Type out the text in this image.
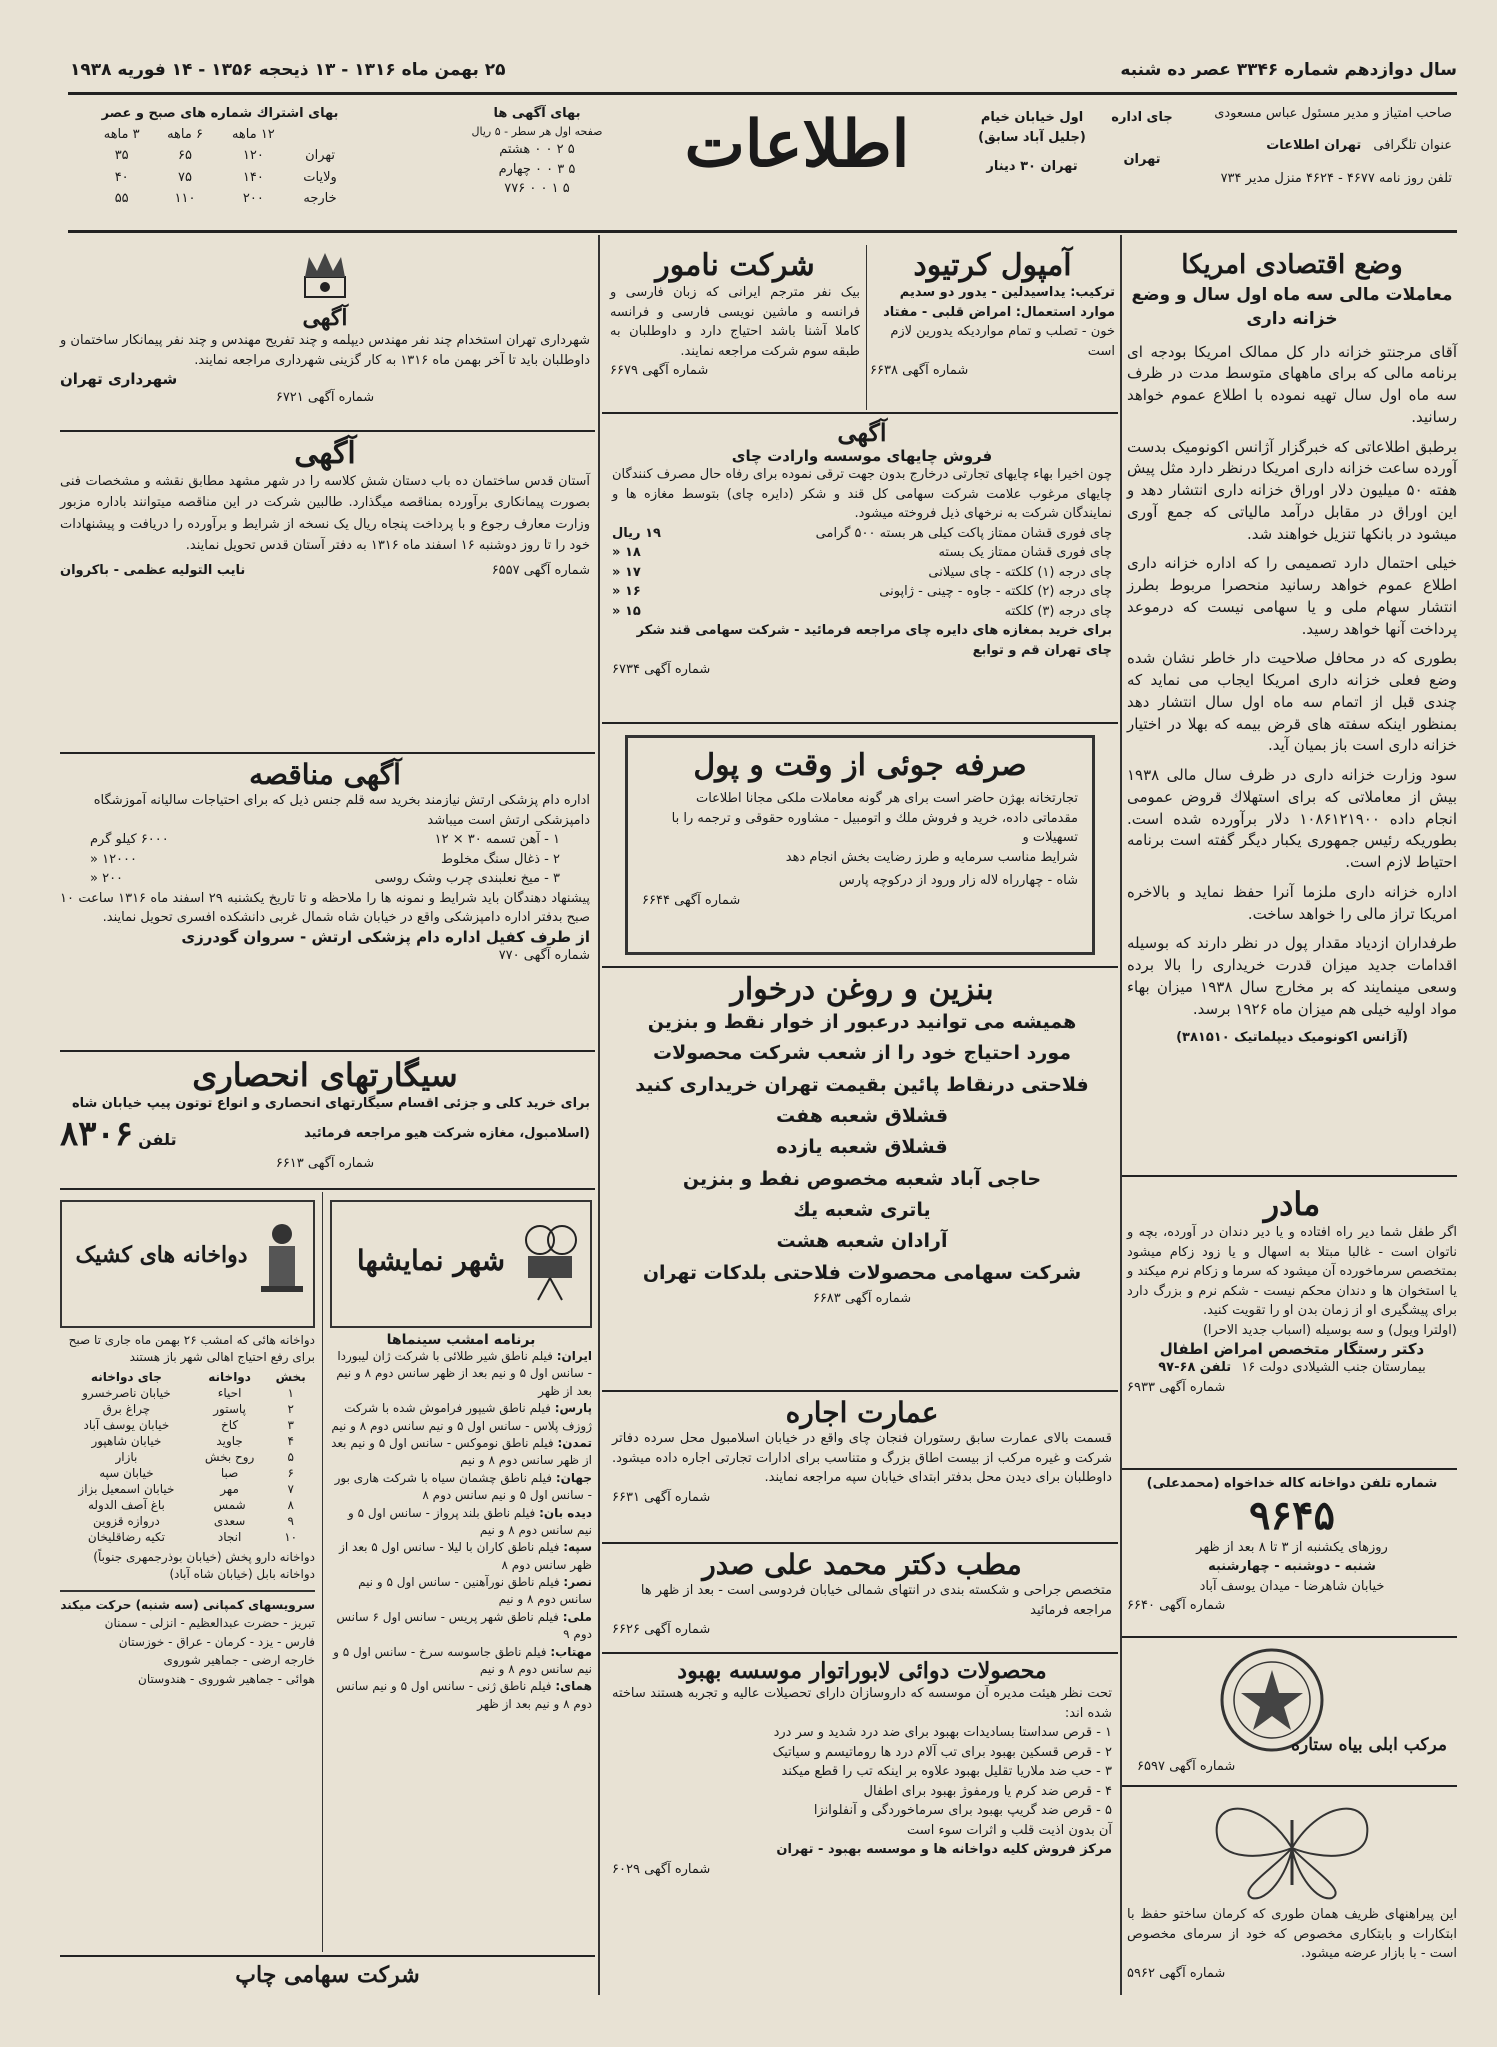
سال دوازدهم شماره ۳۳۴۶ عصر ده شنبه
۲۵ بهمن ماه ۱۳۱۶ - ۱۳ ذیحجه ۱۳۵۶ - ۱۴ فوریه ۱۹۳۸
صاحب امتیاز و مدیر مسئول عباس مسعودی
عنوان تلگرافی تهران اطلاعات
تلفن روز نامه ۴۶۷۷ - ۴۶۲۴ منزل مدیر ۷۳۴
جای اداره
تهران
اول خیابان خیام
(جلیل آباد سابق)
تهران ۳۰ دینار
اطلاعات
بهای آگهی ها
صفحه اول هر سطر - ۵ ریال
۵ ۲ ۰ ۰ هشتم
۵ ۳ ۰ ۰ چهارم
۵ ۱ ۰ ۰ ۷۷۶
بهای اشتراك شماره های صبح و عصر
	۱۲ ماهه	۶ ماهه	۳ ماهه
تهران	۱۲۰	۶۵	۳۵
ولایات	۱۴۰	۷۵	۴۰
خارجه	۲۰۰	۱۱۰	۵۵
وضع اقتصادی امریکا
معاملات مالی سه ماه اول سال و وضع خزانه داری

آقای مرجنتو خزانه دار کل ممالک امریکا بودجه ای برنامه مالی که برای ماههای متوسط مدت در ظرف سه ماه اول سال تهیه نموده با اطلاع عموم خواهد رسانید.

برطبق اطلاعاتی که خبرگزار آژانس اکونومیک بدست آورده ساعت خزانه داری امریکا درنظر دارد مثل پیش هفته ۵۰ میلیون دلار اوراق خزانه داری انتشار دهد و این اوراق در مقابل درآمد مالیاتی که جمع آوری میشود در بانکها تنزیل خواهند شد.

خیلی احتمال دارد تصمیمی را که اداره خزانه داری اطلاع عموم خواهد رسانید منحصرا مربوط بطرز انتشار سهام ملی و یا سهامی نیست که درموعد پرداخت آنها خواهد رسید.

بطوری که در محافل صلاحیت دار خاطر نشان شده وضع فعلی خزانه داری امریکا ایجاب می نماید که چندی قبل از اتمام سه ماه اول سال انتشار دهد بمنظور اینکه سفته های قرض بیمه که بهلا در اختیار خزانه داری است باز بمیان آید.

سود وزارت خزانه داری در ظرف سال مالی ۱۹۳۸ بیش از معاملاتی که برای استهلاك قروض عمومی انجام داده ۱۰۸۶۱۲۱۹۰۰ دلار برآورده شده است. بطوریکه رئیس جمهوری یکبار دیگر گفته است برنامه احتیاط لازم است.

اداره خزانه داری ملزما آنرا حفظ نماید و بالاخره امریکا تراز مالی را خواهد ساخت.

طرفداران ازدیاد مقدار پول در نظر دارند که بوسیله اقدامات جدید میزان قدرت خریداری را بالا برده وسعی مینمایند که بر مخارج سال ۱۹۳۸ میزان بهاء مواد اولیه خیلی هم میزان ماه ۱۹۲۶ برسد.

(آژانس اکونومیک دیپلماتیک ۳۸۱۵۱۰)
مادر

اگر طفل شما دیر راه افتاده و یا دیر دندان در آورده، بچه و ناتوان است - غالبا مبتلا به اسهال و یا زود زکام میشود بمتخصص سرماخورده آن میشود که سرما و زکام نرم میکند و یا استخوان ها و دندان محکم نیست - شکم نرم و بزرگ دارد برای پیشگیری او از زمان بدن او را تقویت کنید.

(اولترا ویول) و سه بوسیله (اسباب جدید الاحرا)
دکتر رستگار متخصص امراض اطفال
بیمارستان جنب الشیلادی دولت ۱۶ تلفن ۶۸-۹۷
شماره آگهی ۶۹۳۳
شماره تلفن دواخانه كاله خداخواه (محمدعلی)
۹۶۴۵
روزهای یکشنبه از ۳ تا ۸ بعد از ظهر
شنبه - دوشنبه - چهارشنبه
خیابان شاهرضا - میدان یوسف آباد
شماره آگهی ۶۶۴۰
مرکب ابلی بیاه ستاره
شماره آگهی ۶۵۹۷

این پیراهنهای ظریف همان طوری که کرمان ساختو حفظ با ابتکارات و بابتکاری مخصوص که خود از سرمای مخصوص است - با بازار عرضه میشود.

شماره آگهی ۵۹۶۲
آمپول کرتیود
ترکیب: یداسیدلین - یدور دو سدیم
موارد استعمال: امراض قلبی - مفتاد
خون - تصلب و تمام مواردیکه یدورین لازم است
شماره آگهی ۶۶۳۸
شرکت نامور

بیک نفر مترجم ایرانی که زبان فارسی و فرانسه و ماشین نویسی فارسی و فرانسه کاملا آشنا باشد احتیاج دارد و داوطلبان به طبقه سوم شرکت مراجعه نمایند.

شماره آگهی ۶۶۷۹
آگهی
فروش چایهای موسسه وارادت چای

چون اخیرا بهاء چایهای تجارتی درخارج بدون جهت ترقی نموده برای رفاه حال مصرف کنندگان چایهای مرغوب علامت شرکت سهامی کل قند و شکر (دایره چای) بتوسط مغازه ها و نمایندگان شرکت به نرخهای ذیل فروخته میشود.

چای فوری قشان ممتاز پاکت کیلی هر بسته ۵۰۰ گرامی
۱۹ ریال
چای فوری قشان ممتاز یک بسته
۱۸ «
چای درجه (۱) کلکته - چای سیلانی
۱۷ «
چای درجه (۲) کلکته - جاوه - چینی - ژاپونی
۱۶ «
چای درجه (۳) کلکته
۱۵ «
برای خرید بمغازه های دایره چای مراجعه فرمائید - شرکت سهامی قند شکر چای تهران قم و توابع
شماره آگهی ۶۷۳۴
صرفه جوئی از وقت و پول
تجارتخانه بهژن حاضر است برای هر گونه معاملات ملکی مجانا اطلاعات
مقدماتی داده، خرید و فروش ملك و اتومبیل - مشاوره حقوقی و ترجمه را با تسهیلات و
شرایط مناسب سرمایه و طرز رضایت بخش انجام دهد
شاه - چهارراه لاله زار ورود از درکوچه پارس
شماره آگهی ۶۶۴۴
بنزین و روغن درخوار
همیشه می توانید درعبور از خوار نقط و بنزین
مورد احتیاج خود را از شعب شرکت محصولات
فلاحتی درنقاط پائین بقیمت تهران خریداری کنید
قشلاق شعبه هفت
قشلاق شعبه یازده
حاجی آباد شعبه مخصوص نفط و بنزین
یاتری شعبه یك
آرادان شعبه هشت
شرکت سهامی محصولات فلاحتی بلدکات تهران
شماره آگهی ۶۶۸۳
عمارت اجاره

قسمت بالای عمارت سابق رستوران فنجان چای واقع در خیابان اسلامبول محل سرده دفاتر شرکت و غیره مرکب از بیست اطاق بزرگ و متناسب برای ادارات تجارتی اجاره داده میشود. داوطلبان برای دیدن محل بدفتر ابتدای خیابان سپه مراجعه نمایند.

شماره آگهی ۶۶۳۱
مطب دکتر محمد علی صدر
متخصص جراحی و شکسته بندی در انتهای شمالی خیابان فردوسی است - بعد از ظهر ها مراجعه فرمائید
شماره آگهی ۶۶۲۶
محصولات دوائی لابوراتوار موسسه بهبود

تحت نظر هیئت مدیره آن موسسه که داروسازان دارای تحصیلات عالیه و تجربه هستند ساخته شده اند:

۱ - قرص سداستا بسادیدات بهبود برای ضد درد شدید و سر درد
۲ - قرص قسکین بهبود برای تب آلام درد ها روماتیسم و سیاتیک
۳ - حب ضد ملاریا تقلیل بهبود علاوه بر اینکه تب را قطع میکند
۴ - قرص ضد کرم یا ورمفوژ بهبود برای اطفال
۵ - قرص ضد گریپ بهبود برای سرماخوردگی و آنفلوانزا
آن بدون اذیت قلب و اثرات سوء است
مرکز فروش کلیه دواخانه ها و موسسه بهبود - تهران
شماره آگهی ۶۰۲۹
آگهی

شهرداری تهران استخدام چند نفر مهندس دیپلمه و چند تفریح مهندس و چند نفر پیمانکار ساختمان و داوطلبان باید تا آخر بهمن ماه ۱۳۱۶ به کار گزینی شهرداری مراجعه نمایند.

شهرداری تهران
شماره آگهی ۶۷۲۱
آگهی

آستان قدس ساختمان ده باب دستان شش کلاسه را در شهر مشهد مطابق نقشه و مشخصات فنی بصورت پیمانکاری برآورده بمناقصه میگذارد. طالبین شرکت در این مناقصه میتوانند باداره مزبور وزارت معارف رجوع و با پرداخت پنجاه ریال یک نسخه از شرایط و برآورده را دریافت و پیشنهادات خود را تا روز دوشنبه ۱۶ اسفند ماه ۱۳۱۶ به دفتر آستان قدس تحویل نمایند.

شماره آگهی ۶۵۵۷
نایب التولیه عظمی - باکروان
آگهی مناقصه

اداره دام پزشکی ارتش نیازمند بخرید سه قلم جنس ذیل که برای احتیاجات سالیانه آموزشگاه دامپزشکی ارتش است میباشد

۱ - آهن تسمه ۳۰ × ۱۲
۶۰۰۰ کیلو گرم
۲ - ذغال سنگ مخلوط
۱۲۰۰۰ «
۳ - میخ نعلبندی چرب وشک روسی
۲۰۰ «

پیشنهاد دهندگان باید شرایط و نمونه ها را ملاحظه و تا تاریخ یکشنبه ۲۹ اسفند ماه ۱۳۱۶ ساعت ۱۰ صبح بدفتر اداره دامپزشکی واقع در خیابان شاه شمال غربی دانشکده افسری تحویل نمایند.

از طرف کفیل اداره دام پزشکی ارتش - سروان گودرزی
شماره آگهی ۷۷۰
سیگارتهای انحصاری
برای خرید کلی و جزئی اقسام سیگارتهای انحصاری و انواع توتون پیپ خیابان شاه
(اسلامبول، مغازه شرکت هیو مراجعه فرمائید
تلفن ۸۳۰۶
شماره آگهی ۶۶۱۳
شهر نمایشها
برنامه امشب سینماها

ایران: فیلم ناطق شیر طلائی با شرکت ژان لیبوردا - سانس اول ۵ و نیم بعد از ظهر سانس دوم ۸ و نیم بعد از ظهر

پارس: فیلم ناطق شیپور فراموش شده با شرکت ژوزف پلاس - سانس اول ۵ و نیم سانس دوم ۸ و نیم

تمدن: فیلم ناطق نوموکس - سانس اول ۵ و نیم بعد از ظهر سانس دوم ۸ و نیم

جهان: فیلم ناطق چشمان سیاه با شرکت هاری بور - سانس اول ۵ و نیم سانس دوم ۸

دیده بان: فیلم ناطق بلند پرواز - سانس اول ۵ و نیم سانس دوم ۸ و نیم

سپه: فیلم ناطق کاران با لیلا - سانس اول ۵ بعد از ظهر سانس دوم ۸

نصر: فیلم ناطق نورآهنین - سانس اول ۵ و نیم سانس دوم ۸ و نیم

ملی: فیلم ناطق شهر پریس - سانس اول ۶ سانس دوم ۹

مهتاب: فیلم ناطق جاسوسه سرخ - سانس اول ۵ و نیم سانس دوم ۸ و نیم

همای: فیلم ناطق ژنی - سانس اول ۵ و نیم سانس دوم ۸ و نیم بعد از ظهر

دواخانه های کشیک

دواخانه هائی که امشب ۲۶ بهمن ماه جاری تا صبح برای رفع احتیاج اهالی شهر باز هستند

بخش	دواخانه	جای دواخانه
۱	احیاء	خیابان ناصرخسرو
۲	پاستور	چراغ برق
۳	کاخ	خیابان یوسف آباد
۴	جاوید	خیابان شاهپور
۵	روح بخش	بازار
۶	صبا	خیابان سپه
۷	مهر	خیابان اسمعیل بزاز
۸	شمس	باغ آصف الدوله
۹	سعدی	دروازه قزوین
۱۰	انجاد	تکیه رضاقلیخان

دواخانه دارو پخش (خیابان بوذرجمهری جنوباً) دواخانه بابل (خیابان شاه آباد)

سرویسهای کمپانی (سه شنبه) حرکت میکند
تبریز - حضرت عبدالعظیم - انزلی - سمنان
فارس - یزد - کرمان - عراق - خوزستان
خارجه ارضی - جماهیر شوروی
هوائی - جماهیر شوروی - هندوستان
شرکت سهامی چاپ
